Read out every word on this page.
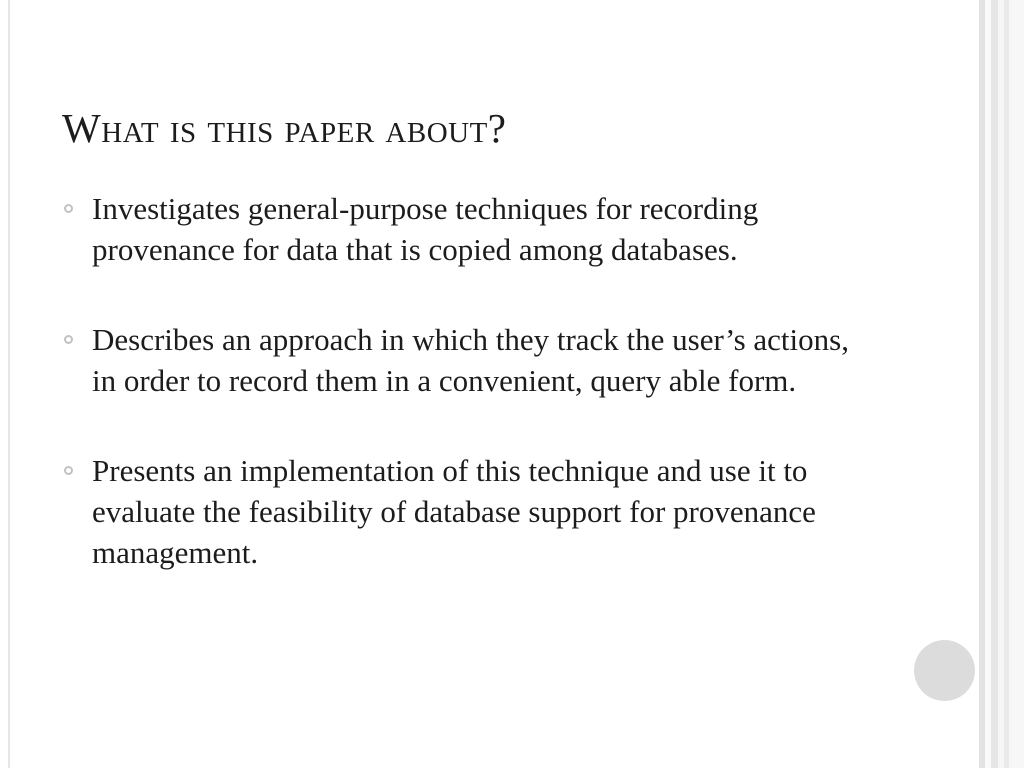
What is this paper about?
Investigates general-purpose techniques for recording provenance for data that is copied among databases.
Describes an approach in which they track the user’s actions, in order to record them in a convenient, query able form.
Presents an implementation of this technique and use it to evaluate the feasibility of database support for provenance management.
